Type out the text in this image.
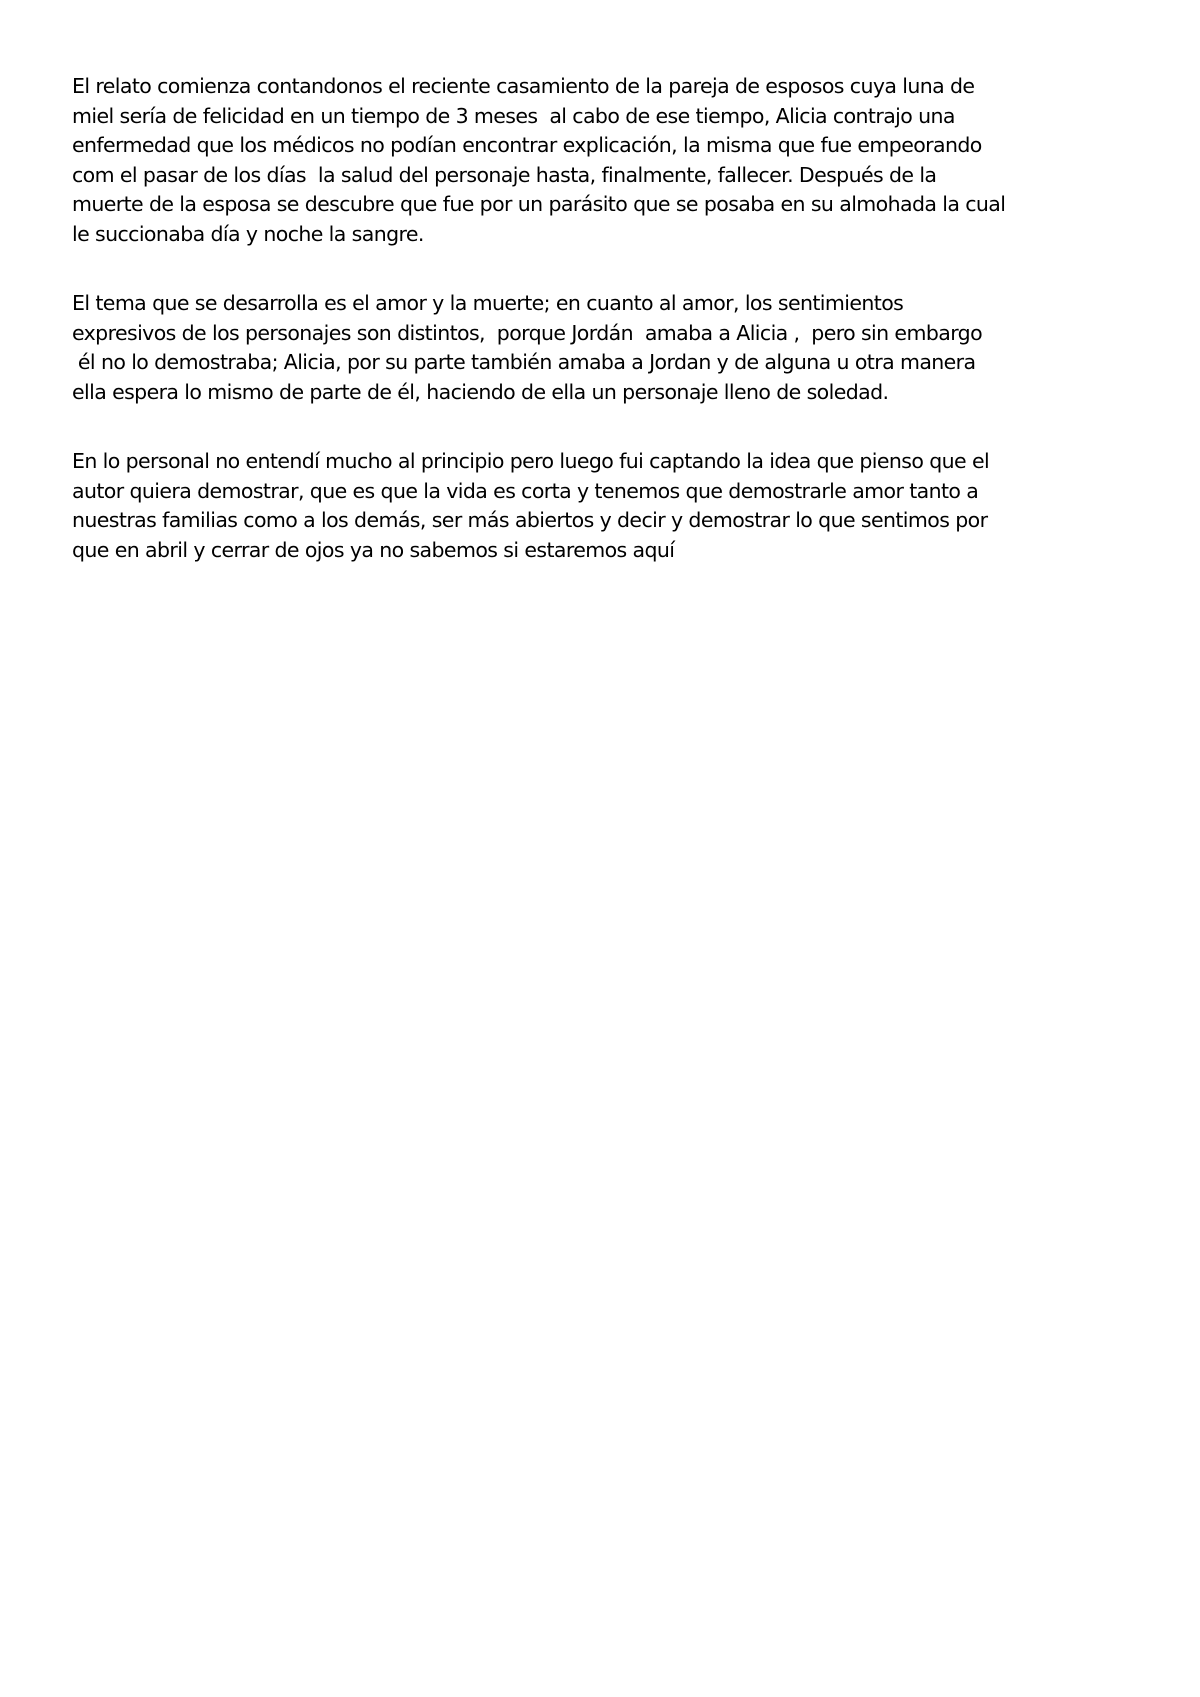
El relato comienza contandonos el reciente casamiento de la pareja de esposos cuya luna de
miel sería de felicidad en un tiempo de 3 meses  al cabo de ese tiempo, Alicia contrajo una
enfermedad que los médicos no podían encontrar explicación, la misma que fue empeorando
com el pasar de los días  la salud del personaje hasta, finalmente, fallecer. Después de la
muerte de la esposa se descubre que fue por un parásito que se posaba en su almohada la cual
le succionaba día y noche la sangre.

El tema que se desarrolla es el amor y la muerte; en cuanto al amor, los sentimientos
expresivos de los personajes son distintos,  porque Jordán  amaba a Alicia ,  pero sin embargo
él no lo demostraba; Alicia, por su parte también amaba a Jordan y de alguna u otra manera
ella espera lo mismo de parte de él, haciendo de ella un personaje lleno de soledad.

En lo personal no entendí mucho al principio pero luego fui captando la idea que pienso que el
autor quiera demostrar, que es que la vida es corta y tenemos que demostrarle amor tanto a
nuestras familias como a los demás, ser más abiertos y decir y demostrar lo que sentimos por
que en abril y cerrar de ojos ya no sabemos si estaremos aquí
